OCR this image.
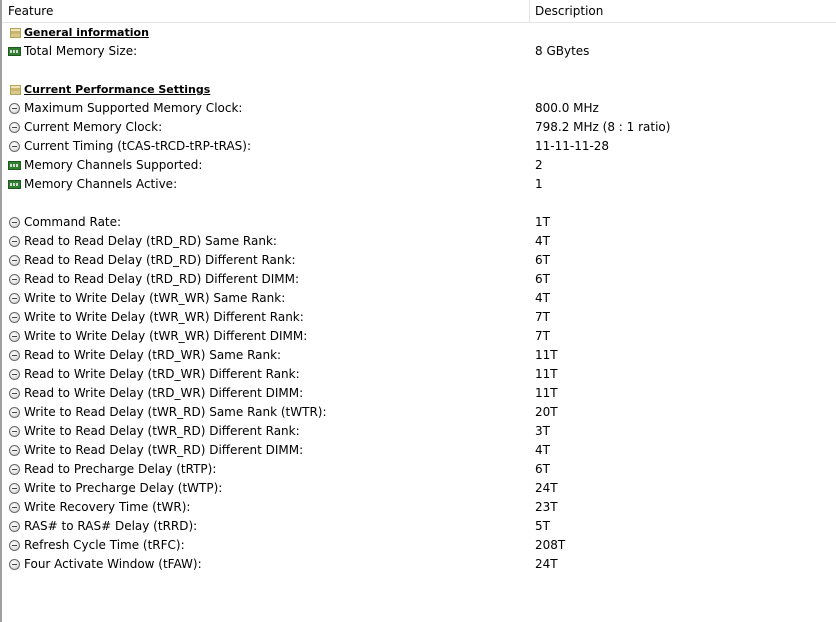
Feature	Description
General information
Total Memory Size:	8 GBytes
Current Performance Settings
Maximum Supported Memory Clock:	800.0 MHz
Current Memory Clock:	798.2 MHz (8 : 1 ratio)
Current Timing (tCAS-tRCD-tRP-tRAS):	11-11-11-28
Memory Channels Supported:	2
Memory Channels Active:	1
Command Rate:	1T
Read to Read Delay (tRD_RD) Same Rank:	4T
Read to Read Delay (tRD_RD) Different Rank:	6T
Read to Read Delay (tRD_RD) Different DIMM:	6T
Write to Write Delay (tWR_WR) Same Rank:	4T
Write to Write Delay (tWR_WR) Different Rank:	7T
Write to Write Delay (tWR_WR) Different DIMM:	7T
Read to Write Delay (tRD_WR) Same Rank:	11T
Read to Write Delay (tRD_WR) Different Rank:	11T
Read to Write Delay (tRD_WR) Different DIMM:	11T
Write to Read Delay (tWR_RD) Same Rank (tWTR):	20T
Write to Read Delay (tWR_RD) Different Rank:	3T
Write to Read Delay (tWR_RD) Different DIMM:	4T
Read to Precharge Delay (tRTP):	6T
Write to Precharge Delay (tWTP):	24T
Write Recovery Time (tWR):	23T
RAS# to RAS# Delay (tRRD):	5T
Refresh Cycle Time (tRFC):	208T
Four Activate Window (tFAW):	24T
